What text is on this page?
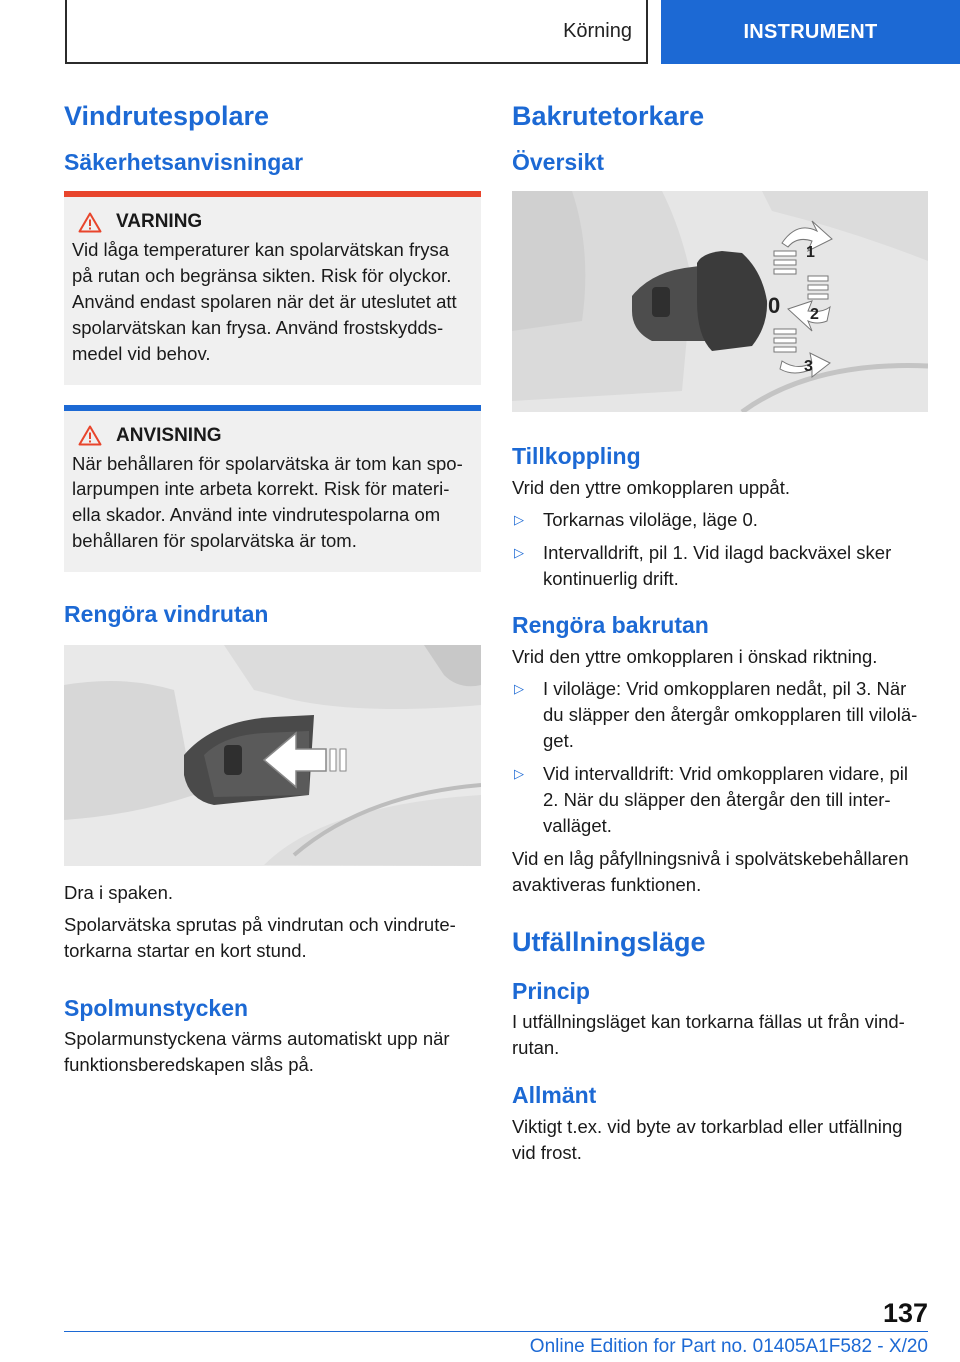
Körning	INSTRUMENT
Vindrutespolare
Säkerhetsanvisningar
VARNING

Vid låga temperaturer kan spolarvätskan frysa på rutan och begränsa sikten. Risk för olyckor. Använd endast spolaren när det är uteslutet att spolarvätskan kan frysa. Använd frostskyddsmedel vid behov.

ANVISNING

När behållaren för spolarvätska är tom kan spolarpumpen inte arbeta korrekt. Risk för materiella skador. Använd inte vindrutespolarna om behållaren för spolarvätska är tom.

Rengöra vindrutan

Dra i spaken.

Spolarvätska sprutas på vindrutan och vindrutetorkarna startar en kort stund.

Spolmunstycken

Spolarmunstyckena värms automatiskt upp när funktionsberedskapen slås på.

Bakrutetorkare
Översikt
0
1
2
3
Tillkoppling

Vrid den yttre omkopplaren uppåt.

▷	Torkarnas viloläge, läge 0.
▷	Intervalldrift, pil 1. Vid ilagd backväxel sker kontinuerlig drift.
Rengöra bakrutan

Vrid den yttre omkopplaren i önskad riktning.

▷	I viloläge: Vrid omkopplaren nedåt, pil 3. När du släpper den återgår omkopplaren till viloläget.
▷	Vid intervalldrift: Vrid omkopplaren vidare, pil 2. När du släpper den återgår den till intervalläget.

Vid en låg påfyllningsnivå i spolvätskebehållaren avaktiveras funktionen.

Utfällningsläge
Princip

I utfällningsläget kan torkarna fällas ut från vindrutan.

Allmänt

Viktigt t.ex. vid byte av torkarblad eller utfällning vid frost.

137
Online Edition for Part no. 01405A1F582 - X/20
